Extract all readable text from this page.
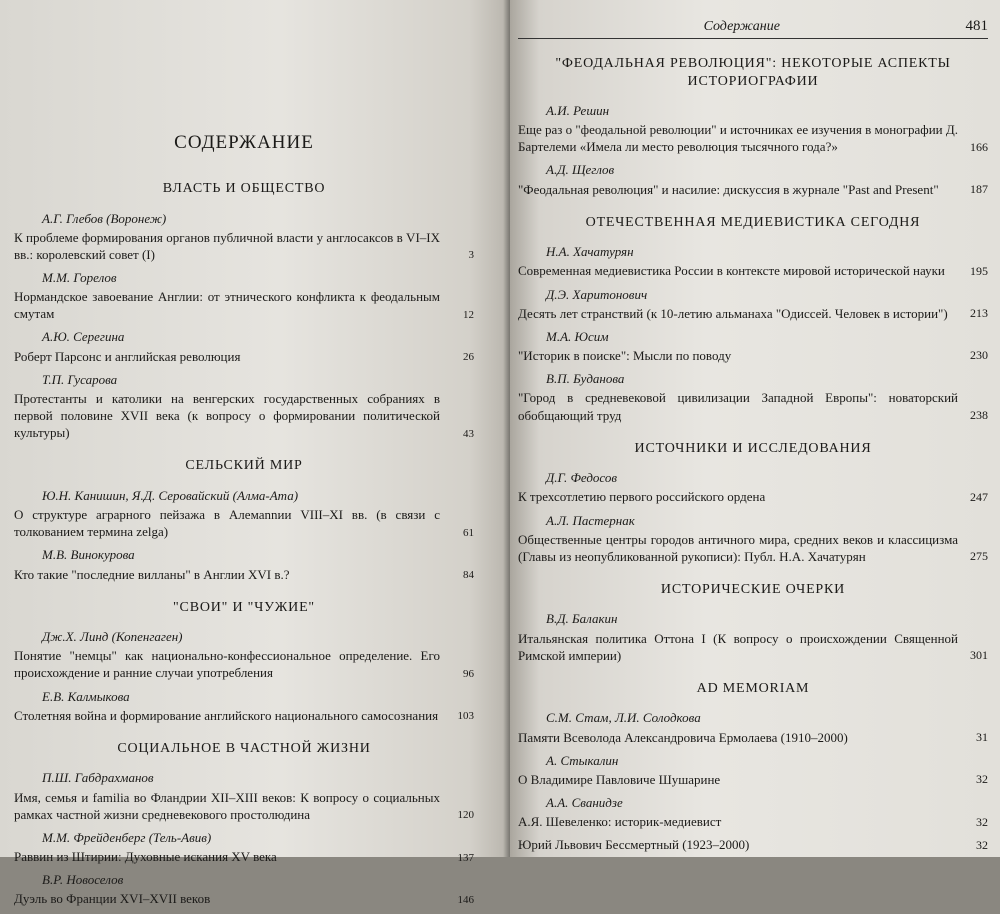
СОДЕРЖАНИЕ
ВЛАСТЬ И ОБЩЕСТВО
А.Г. Глебов (Воронеж)
К проблеме формирования органов публичной власти у англосаксов в VI–IX вв.: королевский совет (I)	3
М.М. Горелов
Нормандское завоевание Англии: от этнического конфликта к феодальным смутам	12
А.Ю. Серегина
Роберт Парсонс и английская революция	26
Т.П. Гусарова
Протестанты и католики на венгерских государственных собраниях в первой половине XVII века (к вопросу о формировании политической культуры)	43
СЕЛЬСКИЙ МИР
Ю.Н. Канишин, Я.Д. Серовайский (Алма-Ата)
О структуре аграрного пейзажа в Алемannии VIII–XI вв. (в связи с толкованием термина zelga)	61
М.В. Винокурова
Кто такие "последние вилланы" в Англии XVI в.?	84
"СВОИ" И "ЧУЖИЕ"
Дж.Х. Линд (Копенгаген)
Понятие "немцы" как национально-конфессиональное определение. Его происхождение и ранние случаи употребления	96
Е.В. Калмыкова
Столетняя война и формирование английского национального самосознания	103
СОЦИАЛЬНОЕ В ЧАСТНОЙ ЖИЗНИ
П.Ш. Габдрахманов
Имя, семья и familia во Фландрии XII–XIII веков: К вопросу о социальных рамках частной жизни средневекового простолюдина	120
М.М. Фрейденберг (Тель-Авив)
Раввин из Штирии: Духовные искания XV века	137
В.Р. Новоселов
Дуэль во Франции XVI–XVII веков	146
Содержание	481
"ФЕОДАЛЬНАЯ РЕВОЛЮЦИЯ": НЕКОТОРЫЕ АСПЕКТЫ ИСТОРИОГРАФИИ
А.И. Решин
Еще раз о "феодальной революции" и источниках ее изучения в монографии Д. Бартелеми «Имела ли место революция тысячного года?»	166
А.Д. Щеглов
"Феодальная революция" и насилие: дискуссия в журнале "Past and Present"	187
ОТЕЧЕСТВЕННАЯ МЕДИЕВИСТИКА СЕГОДНЯ
Н.А. Хачатурян
Современная медиевистика России в контексте мировой исторической науки	195
Д.Э. Харитонович
Десять лет странствий (к 10-летию альманаха "Одиссей. Человек в истории")	213
М.А. Юсим
"Историк в поиске": Мысли по поводу	230
В.П. Буданова
"Город в средневековой цивилизации Западной Европы": новаторский обобщающий труд	238
ИСТОЧНИКИ И ИССЛЕДОВАНИЯ
Д.Г. Федосов
К трехсотлетию первого российского ордена	247
А.Л. Пастернак
Общественные центры городов античного мира, средних веков и классицизма (Главы из неопубликованной рукописи): Публ. Н.А. Хачатурян	275
ИСТОРИЧЕСКИЕ ОЧЕРКИ
В.Д. Балакин
Итальянская политика Оттона I (К вопросу о происхождении Священной Римской империи)	301
AD MEMORIAM
С.М. Стам, Л.И. Солодкова
Памяти Всеволода Александровича Ермолаева (1910–2000)	31
А. Стыкалин
О Владимире Павловиче Шушарине	32
А.А. Сванидзе
А.Я. Шевеленко: историк-медиевист	32
Юрий Львович Бессмертный (1923–2000)	32
